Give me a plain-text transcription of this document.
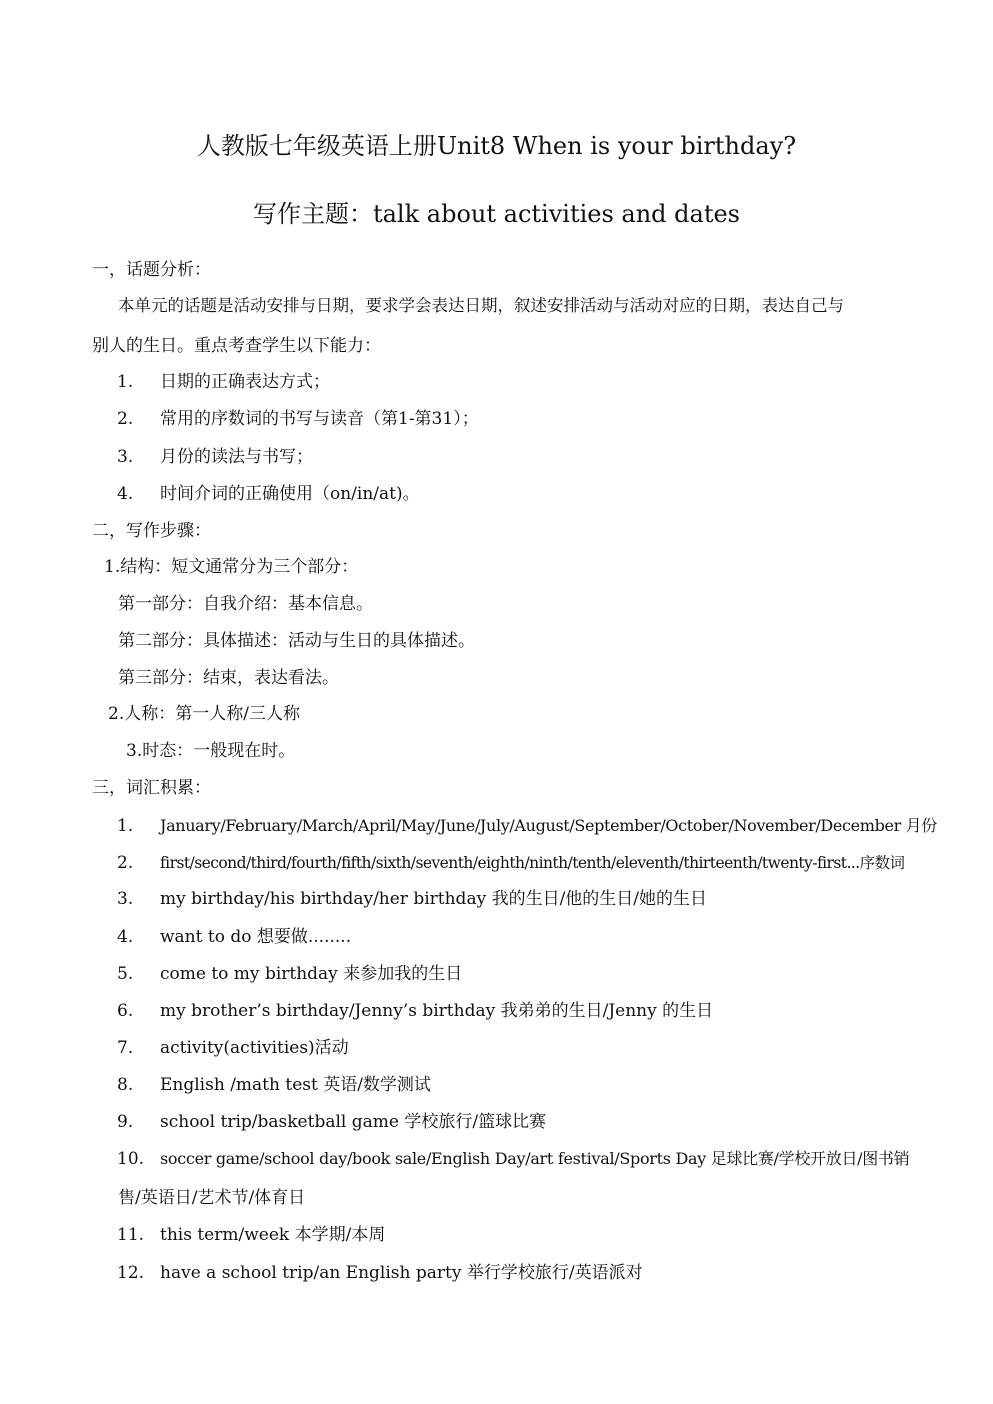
人教版七年级英语上册Unit8 When is your birthday?
写作主题：talk about activities and dates
一，话题分析：
本单元的话题是活动安排与日期，要求学会表达日期，叙述安排活动与活动对应的日期，表达自己与
别人的生日。重点考查学生以下能力：
1.	日期的正确表达方式；
2.	常用的序数词的书写与读音（第1-第31）；
3.	月份的读法与书写；
4.	时间介词的正确使用（on/in/at)。
二，写作步骤：
1.结构：短文通常分为三个部分：
第一部分：自我介绍：基本信息。
第二部分：具体描述：活动与生日的具体描述。
第三部分：结束，表达看法。
2.人称：第一人称/三人称
3.时态：一般现在时。
三，词汇积累：
1.	January/February/March/April/May/June/July/August/September/October/November/December 月份
2.	first/second/third/fourth/fifth/sixth/seventh/eighth/ninth/tenth/eleventh/thirteenth/twenty-first...序数词
3.	my birthday/his birthday/her birthday 我的生日/他的生日/她的生日
4.	want to do 想要做........
5.	come to my birthday 来参加我的生日
6.	my brother’s birthday/Jenny’s birthday 我弟弟的生日/Jenny 的生日
7.	activity(activities)活动
8.	English /math test 英语/数学测试
9.	school trip/basketball game 学校旅行/篮球比赛
10. soccer game/school day/book sale/English Day/art festival/Sports Day 足球比赛/学校开放日/图书销
售/英语日/艺术节/体育日
11. this term/week 本学期/本周
12. have a school trip/an English party 举行学校旅行/英语派对
